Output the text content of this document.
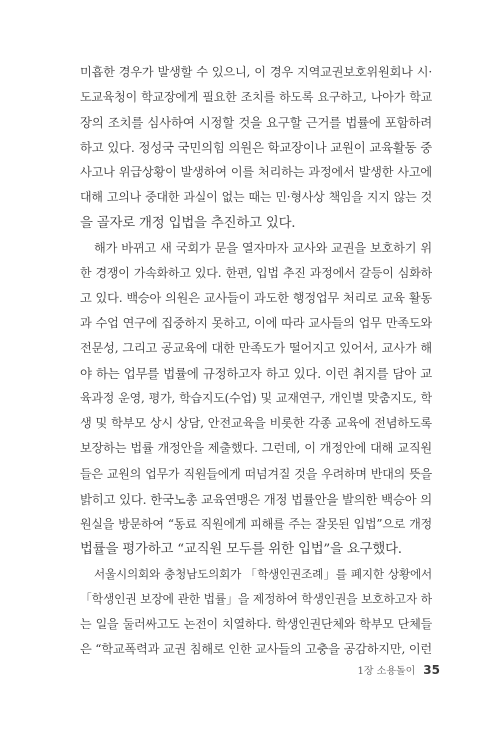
미흡한 경우가 발생할 수 있으니, 이 경우 지역교권보호위원회나 시·
도교육청이 학교장에게 필요한 조치를 하도록 요구하고, 나아가 학교
장의 조치를 심사하여 시정할 것을 요구할 근거를 법률에 포함하려
하고 있다. 정성국 국민의힘 의원은 학교장이나 교원이 교육활동 중
사고나 위급상황이 발생하여 이를 처리하는 과정에서 발생한 사고에
대해 고의나 중대한 과실이 없는 때는 민·형사상 책임을 지지 않는 것
을 골자로 개정 입법을 추진하고 있다.
해가 바뀌고 새 국회가 문을 열자마자 교사와 교권을 보호하기 위
한 경쟁이 가속화하고 있다. 한편, 입법 추진 과정에서 갈등이 심화하
고 있다. 백승아 의원은 교사들이 과도한 행정업무 처리로 교육 활동
과 수업 연구에 집중하지 못하고, 이에 따라 교사들의 업무 만족도와
전문성, 그리고 공교육에 대한 만족도가 떨어지고 있어서, 교사가 해
야 하는 업무를 법률에 규정하고자 하고 있다. 이런 취지를 담아 교
육과정 운영, 평가, 학습지도(수업) 및 교재연구, 개인별 맞춤지도, 학
생 및 학부모 상시 상담, 안전교육을 비롯한 각종 교육에 전념하도록
보장하는 법률 개정안을 제출했다. 그런데, 이 개정안에 대해 교직원
들은 교원의 업무가 직원들에게 떠넘겨질 것을 우려하며 반대의 뜻을
밝히고 있다. 한국노총 교육연맹은 개정 법률안을 발의한 백승아 의
원실을 방문하여 “동료 직원에게 피해를 주는 잘못된 입법”으로 개정
법률을 평가하고 “교직원 모두를 위한 입법”을 요구했다.
서울시의회와 충청남도의회가 「학생인권조례」를 폐지한 상황에서
「학생인권 보장에 관한 법률」을 제정하여 학생인권을 보호하고자 하
는 일을 둘러싸고도 논전이 치열하다. 학생인권단체와 학부모 단체들
은 “학교폭력과 교권 침해로 인한 교사들의 고충을 공감하지만, 이런
1장 소용돌이 35
